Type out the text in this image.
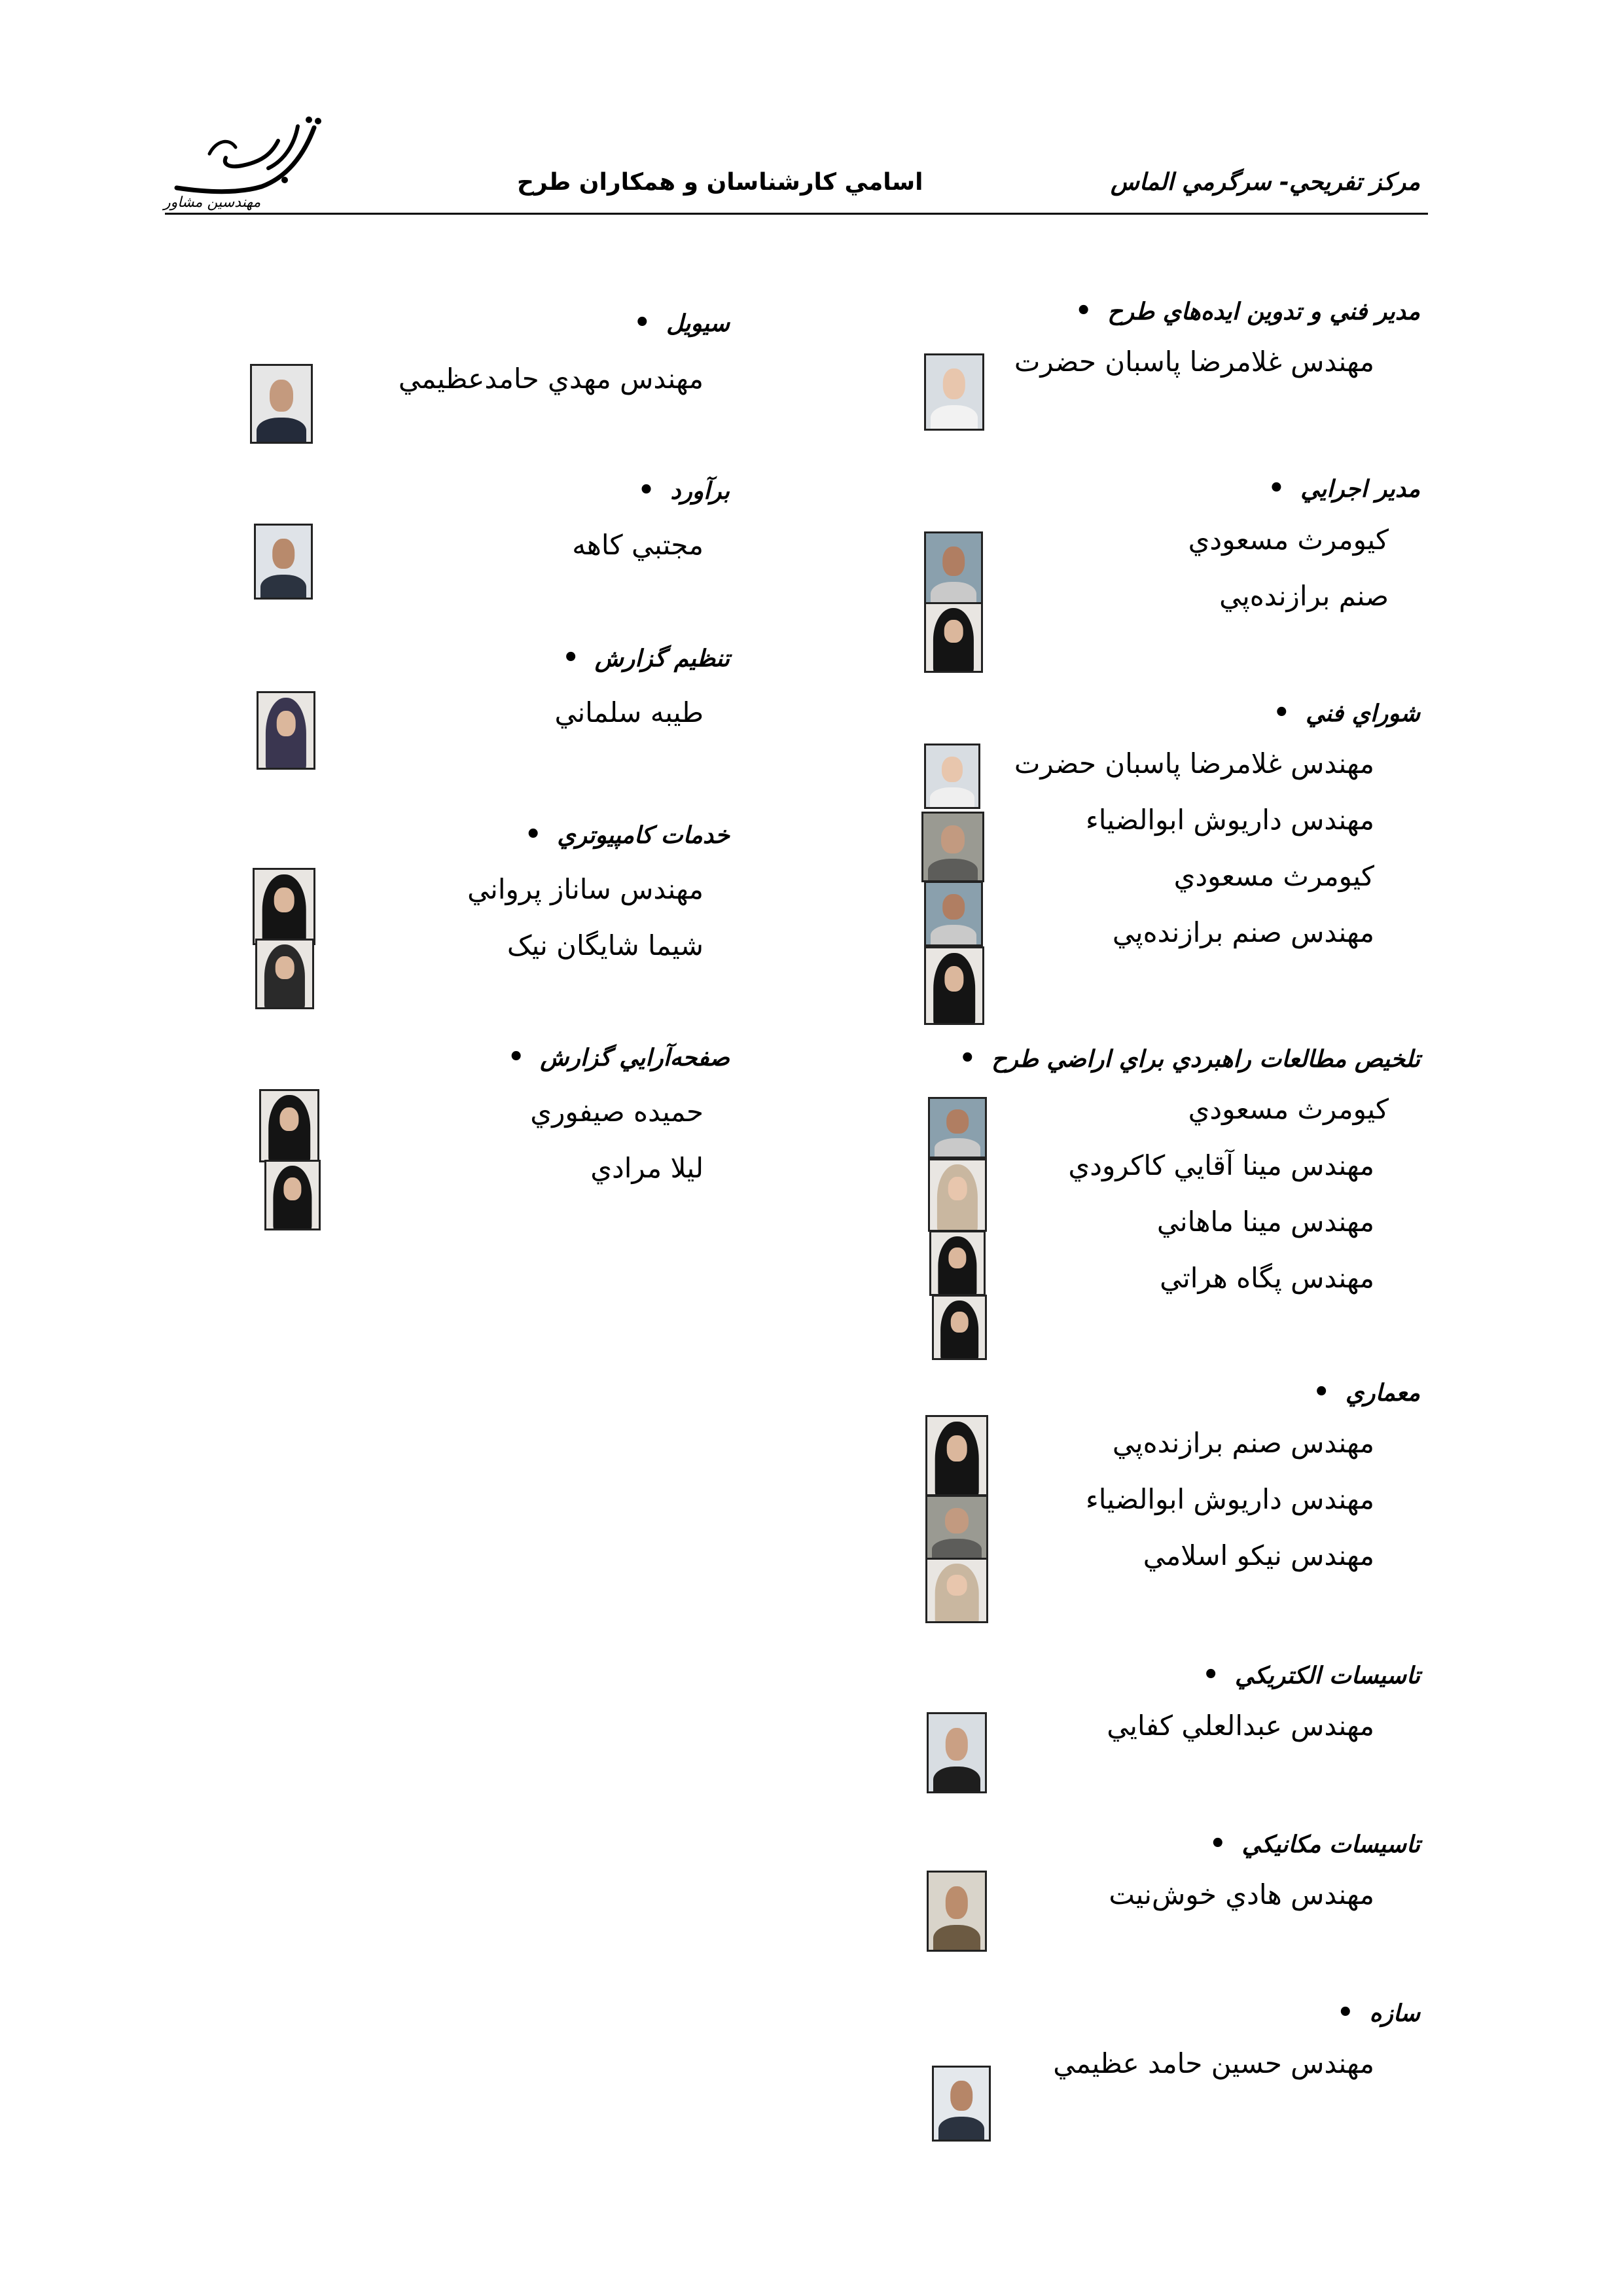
مرکز تفريحي- سرگرمي الماس
اسامي کارشناسان و همکاران طرح
مهندسين مشاور
مدير فني و تدوين ايده‌هاي طرح •
مهندس غلامرضا پاسبان حضرت
مدير اجرايي •
کيومرث مسعودي
صنم برازنده‌پي
شوراي فني •
مهندس غلامرضا پاسبان حضرت
مهندس داريوش ابوالضياء
کيومرث مسعودي
مهندس صنم برازنده‌پي
تلخيص مطالعات راهبردي براي اراضي طرح •
کيومرث مسعودي
مهندس مينا آقايي کاکرودي
مهندس مينا ماهاني
مهندس پگاه هراتي
معماري •
مهندس صنم برازنده‌پي
مهندس داريوش ابوالضياء
مهندس نيکو اسلامي
تاسيسات الکتريکي •
مهندس عبدالعلي کفايي
تاسيسات مکانيکي •
مهندس هادي خوش‌نيت
سازه •
مهندس حسين حامد عظيمي
سيويل •
مهندس مهدي حامدعظيمي
برآورد •
مجتبي کاهه
تنظيم گزارش •
طيبه سلماني
خدمات کامپيوتري •
مهندس ساناز پرواني
شيما شايگان نيک
صفحه‌آرايي گزارش •
حميده صيفوري
ليلا مرادي
